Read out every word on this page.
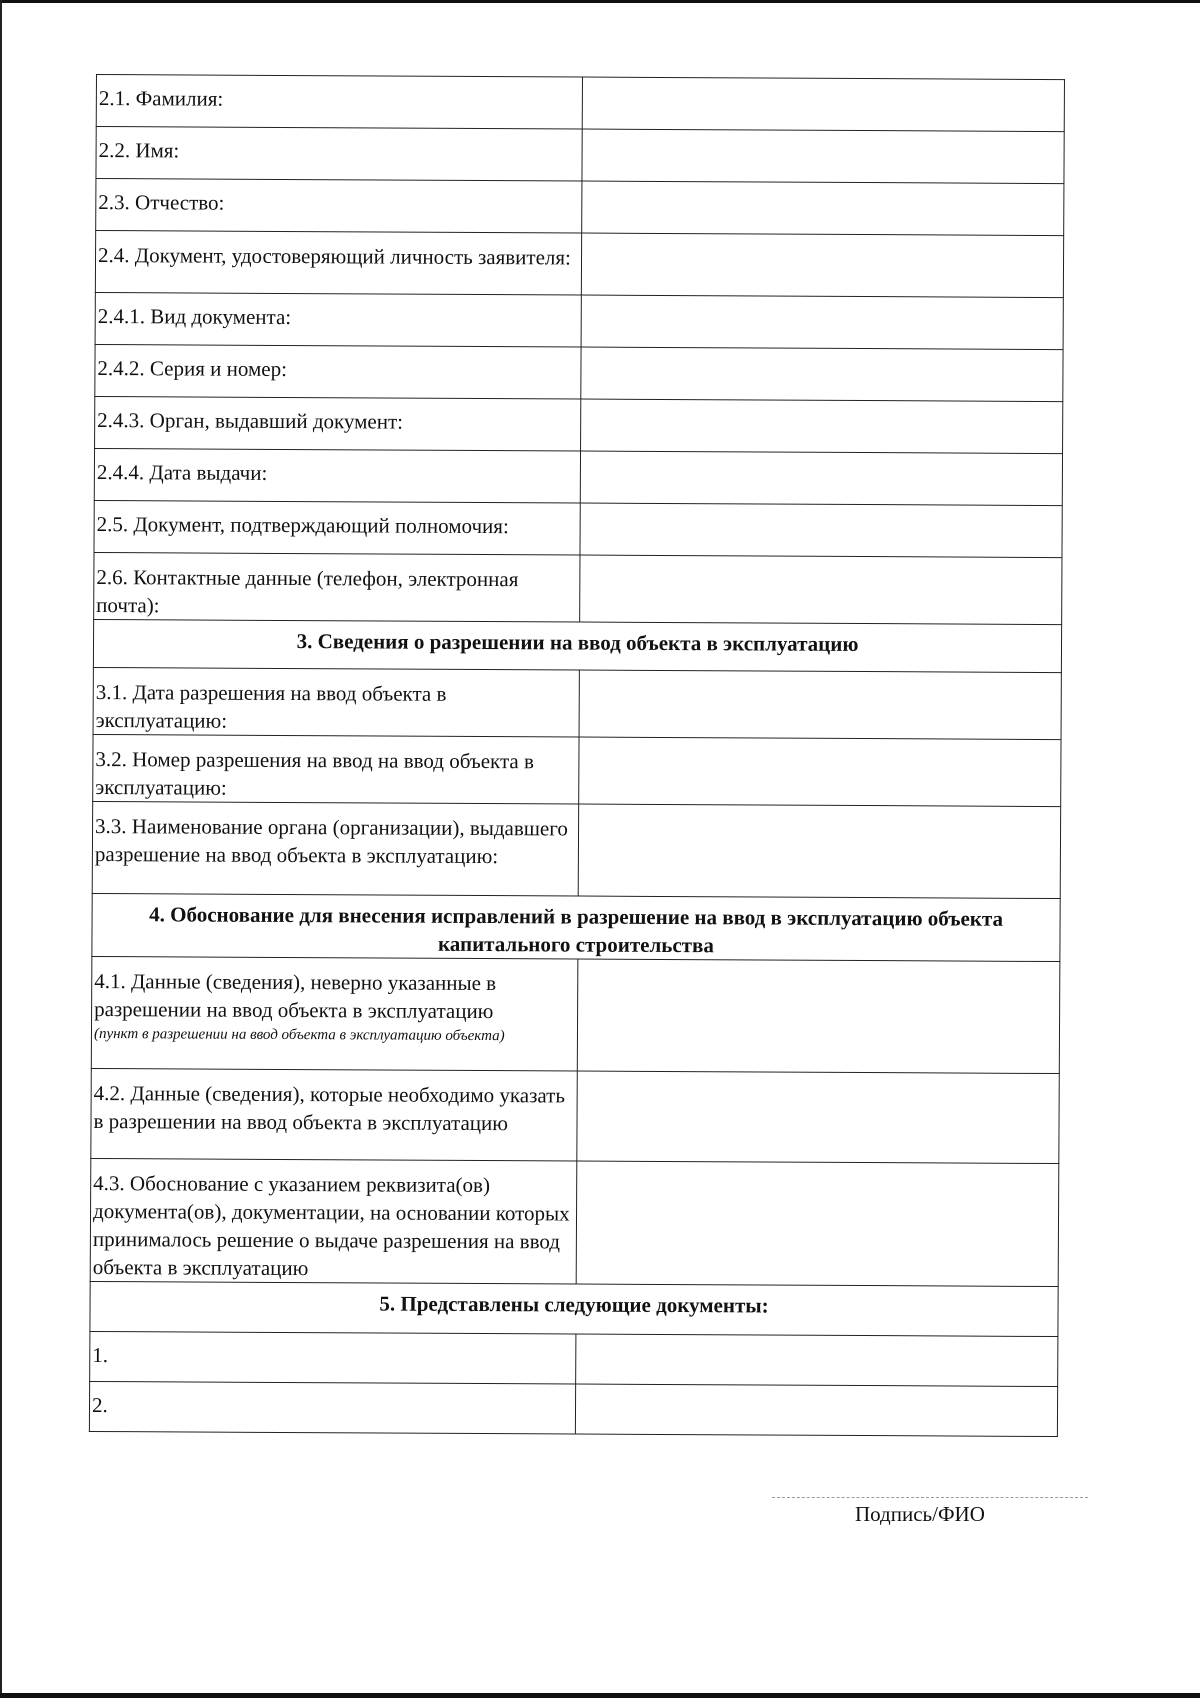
2.1. Фамилия:	
2.2. Имя:	
2.3. Отчество:	
2.4. Документ, удостоверяющий личность заявителя:	
2.4.1. Вид документа:	
2.4.2. Серия и номер:	
2.4.3. Орган, выдавший документ:	
2.4.4. Дата выдачи:	
2.5. Документ, подтверждающий полномочия:	
2.6. Контактные данные (телефон, электронная почта):	
3. Сведения о разрешении на ввод объекта в эксплуатацию	
3.1. Дата разрешения на ввод объекта в эксплуатацию:	
3.2. Номер разрешения на ввод на ввод объекта в эксплуатацию:	
3.3. Наименование органа (организации), выдавшего разрешение на ввод объекта в эксплуатацию:	
4. Обоснование для внесения исправлений в разрешение на ввод в эксплуатацию объекта капитального строительства	
4.1. Данные (сведения), неверно указанные в разрешении на ввод объекта в эксплуатацию
(пункт в разрешении на ввод объекта в эксплуатацию объекта)	

4.2. Данные (сведения), которые необходимо указать в разрешении на ввод объекта в эксплуатацию	
4.3. Обоснование с указанием реквизита(ов) документа(ов), документации, на основании которых принималось решение о выдаче разрешения на ввод объекта в эксплуатацию	
5. Представлены следующие документы:	
1.	
2.	
Подпись/ФИО
